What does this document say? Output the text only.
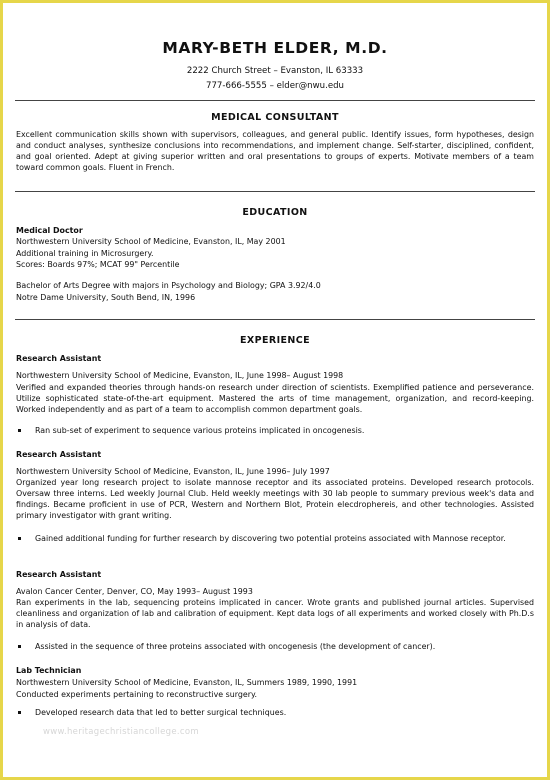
MARY-BETH ELDER, M.D.
2222 Church Street – Evanston, IL 63333
777-666-5555 – elder@nwu.edu
MEDICAL CONSULTANT
Excellent communication skills shown with supervisors, colleagues, and general public. Identify issues, form hypotheses, design and conduct analyses, synthesize conclusions into recommendations, and implement change. Self-starter, disciplined, confident, and goal oriented. Adept at giving superior written and oral presentations to groups of experts. Motivate members of a team toward common goals. Fluent in French.
EDUCATION
Medical Doctor
Northwestern University School of Medicine, Evanston, IL, May 2001
Additional training in Microsurgery.
Scores: Boards 97%; MCAT 99" Percentile
Bachelor of Arts Degree with majors in Psychology and Biology; GPA 3.92/4.0
Notre Dame University, South Bend, IN, 1996
EXPERIENCE
Research Assistant
Northwestern University School of Medicine, Evanston, IL, June 1998– August 1998
Verified and expanded theories through hands-on research under direction of scientists. Exemplified patience and perseverance. Utilize sophisticated state-of-the-art equipment. Mastered the arts of time management, organization, and record-keeping. Worked independently and as part of a team to accomplish common department goals.
Ran sub-set of experiment to sequence various proteins implicated in oncogenesis.
Research Assistant
Northwestern University School of Medicine, Evanston, IL, June 1996– July 1997
Organized year long research project to isolate mannose receptor and its associated proteins. Developed research protocols. Oversaw three interns. Led weekly Journal Club. Held weekly meetings with 30 lab people to summary previous week's data and findings. Became proficient in use of PCR, Western and Northern Blot, Protein elecdrophereis, and other technologies. Assisted primary investigator with grant writing.
Gained additional funding for further research by discovering two potential proteins associated with Mannose receptor.
Research Assistant
Avalon Cancer Center, Denver, CO, May 1993– August 1993
Ran experiments in the lab, sequencing proteins implicated in cancer. Wrote grants and published journal articles. Supervised cleanliness and organization of lab and calibration of equipment. Kept data logs of all experiments and worked closely with Ph.D.s in analysis of data.
Assisted in the sequence of three proteins associated with oncogenesis (the development of cancer).
Lab Technician
Northwestern University School of Medicine, Evanston, IL, Summers 1989, 1990, 1991
Conducted experiments pertaining to reconstructive surgery.
Developed research data that led to better surgical techniques.
www.heritagechristiancollege.com
